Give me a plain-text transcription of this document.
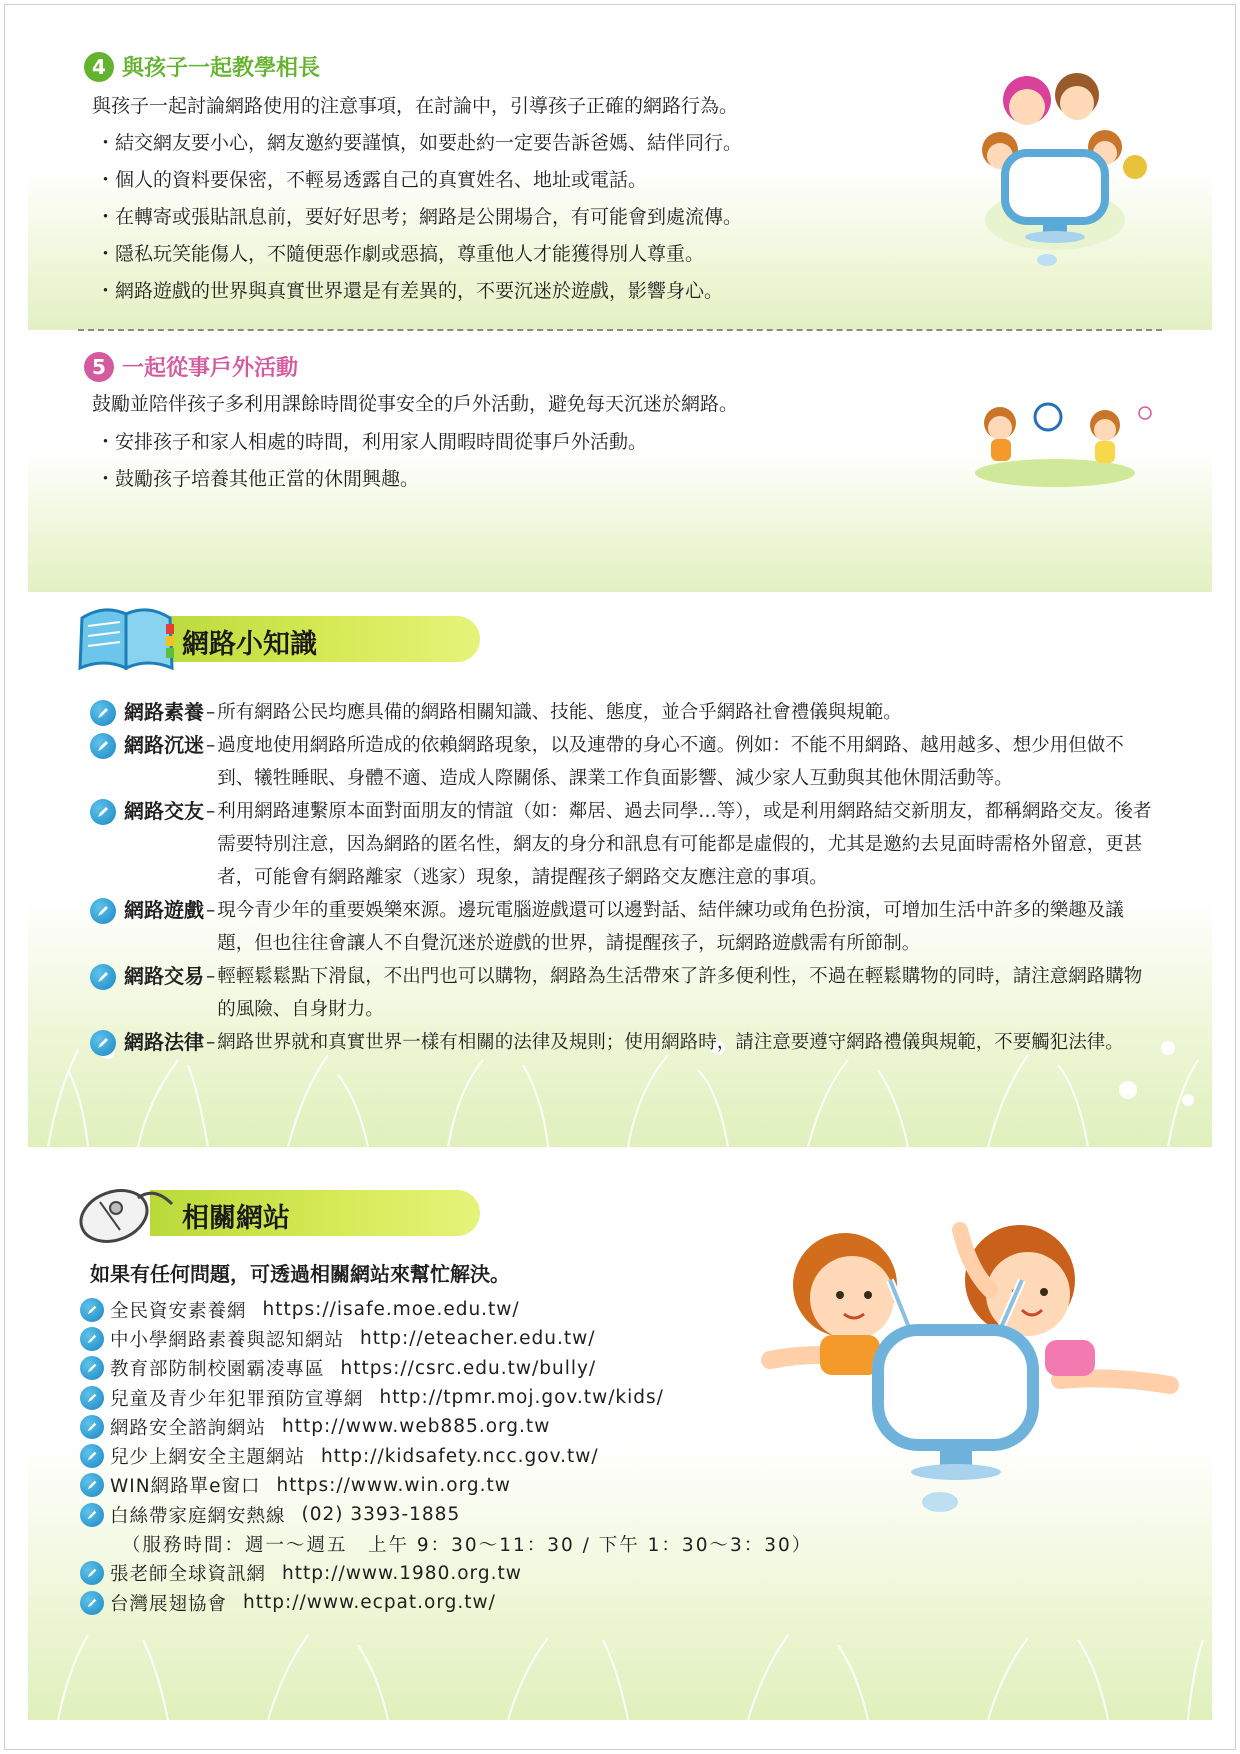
4 與孩子一起教學相長
與孩子一起討論網路使用的注意事項，在討論中，引導孩子正確的網路行為。
・ 結交網友要小心，網友邀約要謹慎，如要赴約一定要告訴爸媽、結伴同行。
・ 個人的資料要保密，不輕易透露自己的真實姓名、地址或電話。
・ 在轉寄或張貼訊息前，要好好思考；網路是公開場合，有可能會到處流傳。
・ 隱私玩笑能傷人，不隨便惡作劇或惡搞，尊重他人才能獲得別人尊重。
・ 網路遊戲的世界與真實世界還是有差異的，不要沉迷於遊戲，影響身心。
5 一起從事戶外活動
鼓勵並陪伴孩子多利用課餘時間從事安全的戶外活動，避免每天沉迷於網路。
・ 安排孩子和家人相處的時間，利用家人閒暇時間從事戶外活動。
・ 鼓勵孩子培養其他正當的休閒興趣。
網路小知識
網路素養 – 所有網路公民均應具備的網路相關知識、技能、態度，並合乎網路社會禮儀與規範。
網路沉迷 – 過度地使用網路所造成的依賴網路現象，以及連帶的身心不適。例如：不能不用網路、越用越多、想少用但做不到、犧牲睡眠、身體不適、造成人際關係、課業工作負面影響、減少家人互動與其他休閒活動等。
網路交友 – 利用網路連繫原本面對面朋友的情誼（如：鄰居、過去同學…等），或是利用網路結交新朋友，都稱網路交友。後者需要特別注意，因為網路的匿名性，網友的身分和訊息有可能都是虛假的，尤其是邀約去見面時需格外留意，更甚者，可能會有網路離家（逃家）現象，請提醒孩子網路交友應注意的事項。
網路遊戲 – 現今青少年的重要娛樂來源。邊玩電腦遊戲還可以邊對話、結伴練功或角色扮演，可增加生活中許多的樂趣及議題，但也往往會讓人不自覺沉迷於遊戲的世界，請提醒孩子，玩網路遊戲需有所節制。
網路交易 – 輕輕鬆鬆點下滑鼠，不出門也可以購物，網路為生活帶來了許多便利性，不過在輕鬆購物的同時，請注意網路購物的風險、自身財力。
網路法律 – 網路世界就和真實世界一樣有相關的法律及規則；使用網路時，請注意要遵守網路禮儀與規範，不要觸犯法律。
相關網站
如果有任何問題，可透過相關網站來幫忙解決。
全民資安素養網 https://isafe.moe.edu.tw/
中小學網路素養與認知網站 http://eteacher.edu.tw/
教育部防制校園霸凌專區 https://csrc.edu.tw/bully/
兒童及青少年犯罪預防宣導網 http://tpmr.moj.gov.tw/kids/
網路安全諮詢網站 http://www.web885.org.tw
兒少上網安全主題網站 http://kidsafety.ncc.gov.tw/
WIN網路單e窗口 https://www.win.org.tw
白絲帶家庭網安熱線 (02) 3393-1885
（服務時間：週一～週五　上午 9：30～11：30 / 下午 1：30～3：30）
張老師全球資訊網 http://www.1980.org.tw
台灣展翅協會 http://www.ecpat.org.tw/
